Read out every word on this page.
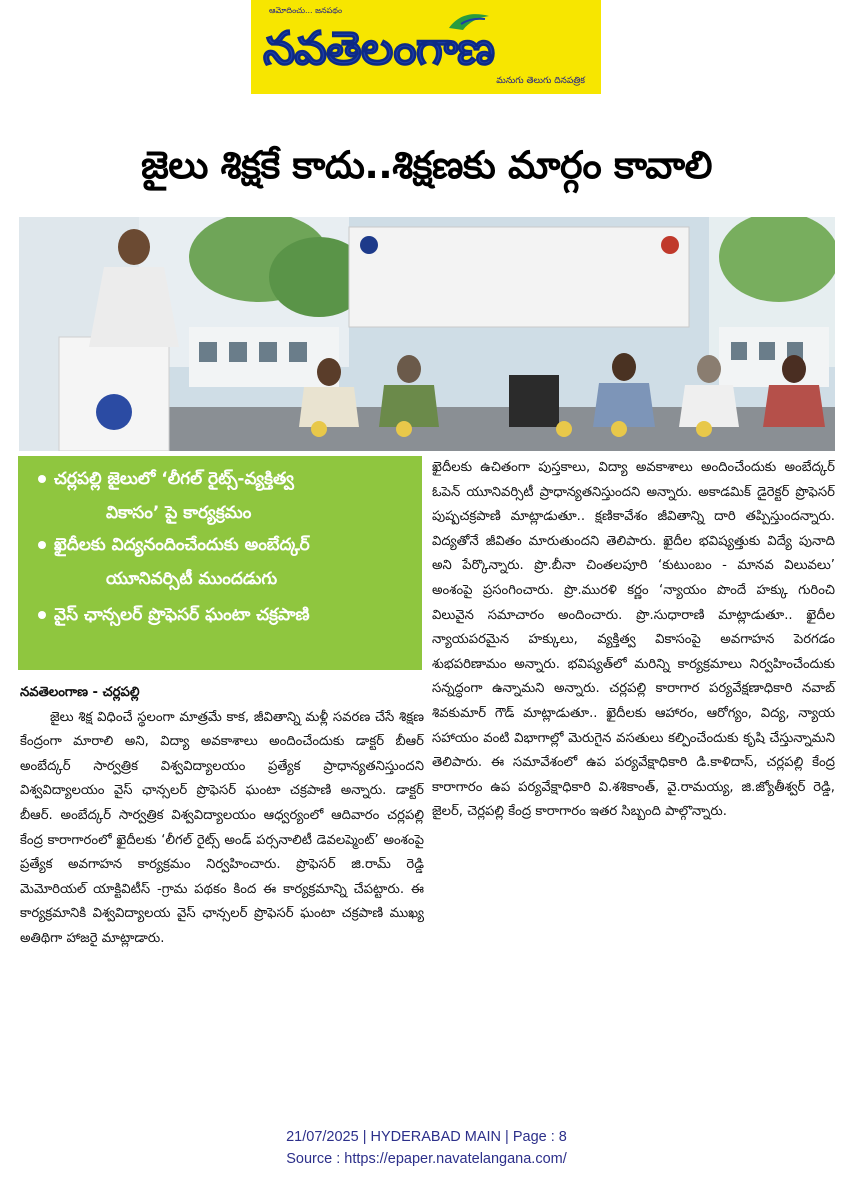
ఆమోదించు... జనపథం
నవతెలంగాణ
మనుగు తెలుగు దినపత్రిక
జైలు శిక్షకే కాదు..శిక్షణకు మార్గం కావాలి
చర్లపల్లి జైలులో ‘లీగల్ రైట్స్-వ్యక్తిత్వ
వికాసం’ పై కార్యక్రమం
ఖైదీలకు విద్యనందించేందుకు అంబేద్కర్
యూనివర్సిటీ ముందడుగు
వైస్ ఛాన్సలర్ ప్రొఫెసర్ ఘంటా చక్రపాణి

నవతెలంగాణ - చర్లపల్లి

జైలు శిక్ష విధించే స్థలంగా మాత్రమే కాక, జీవితాన్ని మళ్లీ సవరణ చేసే శిక్షణ కేంద్రంగా మారాలి అని, విద్యా అవకాశాలు అందించేందుకు డాక్టర్ బీఆర్ అంబేద్కర్ సార్వత్రిక విశ్వవిద్యాలయం ప్రత్యేక ప్రాధాన్యతనిస్తుందని విశ్వవిద్యాలయం వైస్ ఛాన్సలర్ ప్రొఫెసర్ ఘంటా చక్రపాణి అన్నారు. డాక్టర్ బీఆర్. అంబేద్కర్ సార్వత్రిక విశ్వవిద్యాలయం ఆధ్వర్యంలో ఆదివారం చర్లపల్లి కేంద్ర కారాగారంలో ఖైదీలకు ‘లీగల్ రైట్స్ అండ్ పర్సనాలిటీ డెవలప్మెంట్’ అంశంపై ప్రత్యేక అవగాహన కార్యక్రమం నిర్వహించారు. ప్రొఫెసర్ జి.రామ్ రెడ్డి మెమోరియల్ యాక్టివిటీస్ -గ్రామ పథకం కింద ఈ కార్యక్రమాన్ని చేపట్టారు. ఈ కార్యక్రమానికి విశ్వవిద్యాలయ వైస్ ఛాన్సలర్ ప్రొఫెసర్ ఘంటా చక్రపాణి ముఖ్య అతిథిగా హాజరై మాట్లాడారు.

ఖైదీలకు ఉచితంగా పుస్తకాలు, విద్యా అవకాశాలు అందించేందుకు అంబేద్కర్ ఓపెన్ యూనివర్సిటీ ప్రాధాన్యతనిస్తుందని అన్నారు. అకాడమిక్ డైరెక్టర్ ప్రొఫెసర్ పుష్పచక్రపాణి మాట్లాడుతూ.. క్షణికావేశం జీవితాన్ని దారి తప్పిస్తుందన్నారు. విద్యతోనే జీవితం మారుతుందని తెలిపారు. ఖైదీల భవిష్యత్తుకు విద్యే పునాది అని పేర్కొన్నారు. ప్రొ.బీనా చింతలపూరి ‘కుటుంబం - మానవ విలువలు’ అంశంపై ప్రసంగించారు. ప్రొ.మురళి కర్ణం ‘న్యాయం పొందే హక్కు గురించి విలువైన సమాచారం అందించారు. ప్రొ.సుధారాణి మాట్లాడుతూ.. ఖైదీల న్యాయపరమైన హక్కులు, వ్యక్తిత్వ వికాసంపై అవగాహన పెరగడం శుభపరిణామం అన్నారు. భవిష్యత్‌లో మరిన్ని కార్యక్రమాలు నిర్వహించేందుకు సన్నద్ధంగా ఉన్నామని అన్నారు. చర్లపల్లి కారాగార పర్యవేక్షణాధికారి నవాబ్ శివకుమార్ గౌడ్ మాట్లాడుతూ.. ఖైదీలకు ఆహారం, ఆరోగ్యం, విద్య, న్యాయ సహాయం వంటి విభాగాల్లో మెరుగైన వసతులు కల్పించేందుకు కృషి చేస్తున్నామని తెలిపారు. ఈ సమావేశంలో ఉప పర్యవేక్షాధికారి డి.కాళిదాస్, చర్లపల్లి కేంద్ర కారాగారం ఉప పర్యవేక్షాధికారి వి.శశికాంత్, వై.రామయ్య, జి.జ్యోతీశ్వర్ రెడ్డి, జైలర్, చెర్లపల్లి కేంద్ర కారాగారం ఇతర సిబ్బంది పాల్గొన్నారు.

21/07/2025 | HYDERABAD MAIN | Page : 8
Source : https://epaper.navatelangana.com/
